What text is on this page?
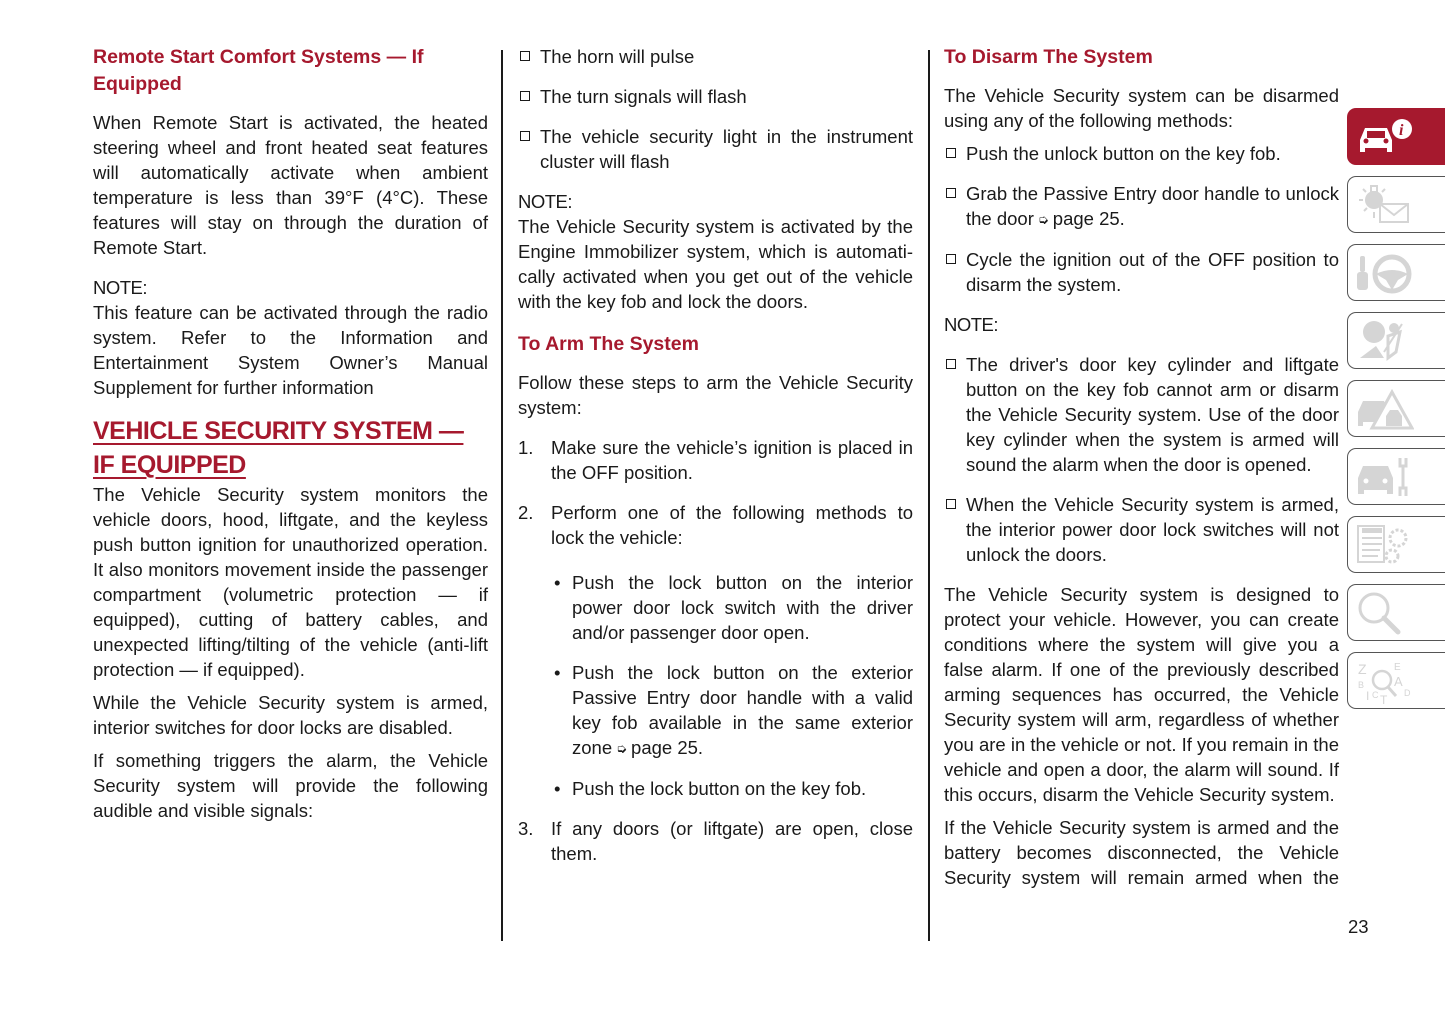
Remote Start Comfort Systems — If Equipped

When Remote Start is activated, the heated steering wheel and front heated seat features will automatically activate when ambient temperature is less than 39°F (4°C). These features will stay on through the duration of Remote Start.

NOTE:

This feature can be activated through the radio system. Refer to the Information and Entertainment System Owner’s Manual Supplement for further information

VEHICLE SECURITY SYSTEM — IF EQUIPPED

The Vehicle Security system monitors the vehicle doors, hood, liftgate, and the keyless push button ignition for unauthorized operation. It also monitors movement inside the passenger compartment (volumetric protection — if equipped), cutting of battery cables, and unexpected lifting/tilting of the vehicle (anti-lift protection — if equipped).

While the Vehicle Security system is armed, interior switches for door locks are disabled.

If something triggers the alarm, the Vehicle Security system will provide the following audible and visible signals:

The horn will pulse

The turn signals will flash

The vehicle security light in the instrument cluster will flash

NOTE:

The Vehicle Security system is activated by the Engine Immobilizer system, which is automatically activated when you get out of the vehicle with the key fob and lock the doors.

To Arm The System

Follow these steps to arm the Vehicle Security system:

1. Make sure the vehicle’s ignition is placed in the OFF position.

2. Perform one of the following methods to lock the vehicle:

• Push the lock button on the interior power door lock switch with the driver and/or passenger door open.

• Push the lock button on the exterior Passive Entry door handle with a valid key fob available in the same exterior zone ➭ page 25.

• Push the lock button on the key fob.

3. If any doors (or liftgate) are open, close them.

To Disarm The System

The Vehicle Security system can be disarmed using any of the following methods:

Push the unlock button on the key fob.

Grab the Passive Entry door handle to unlock the door ➭ page 25.

Cycle the ignition out of the OFF position to disarm the system.

NOTE:

The driver's door key cylinder and liftgate button on the key fob cannot arm or disarm the Vehicle Security system. Use of the door key cylinder when the system is armed will sound the alarm when the door is opened.

When the Vehicle Security system is armed, the interior power door lock switches will not unlock the doors.

The Vehicle Security system is designed to protect your vehicle. However, you can create conditions where the system will give you a false alarm. If one of the previously described arming sequences has occurred, the Vehicle Security system will arm, regardless of whether you are in the vehicle or not. If you remain in the vehicle and open a door, the alarm will sound. If this occurs, disarm the Vehicle Security system.

If the Vehicle Security system is armed and the battery becomes disconnected, the Vehicle Security system will remain armed when the

23
i
Z	E
B A
D
I C T
